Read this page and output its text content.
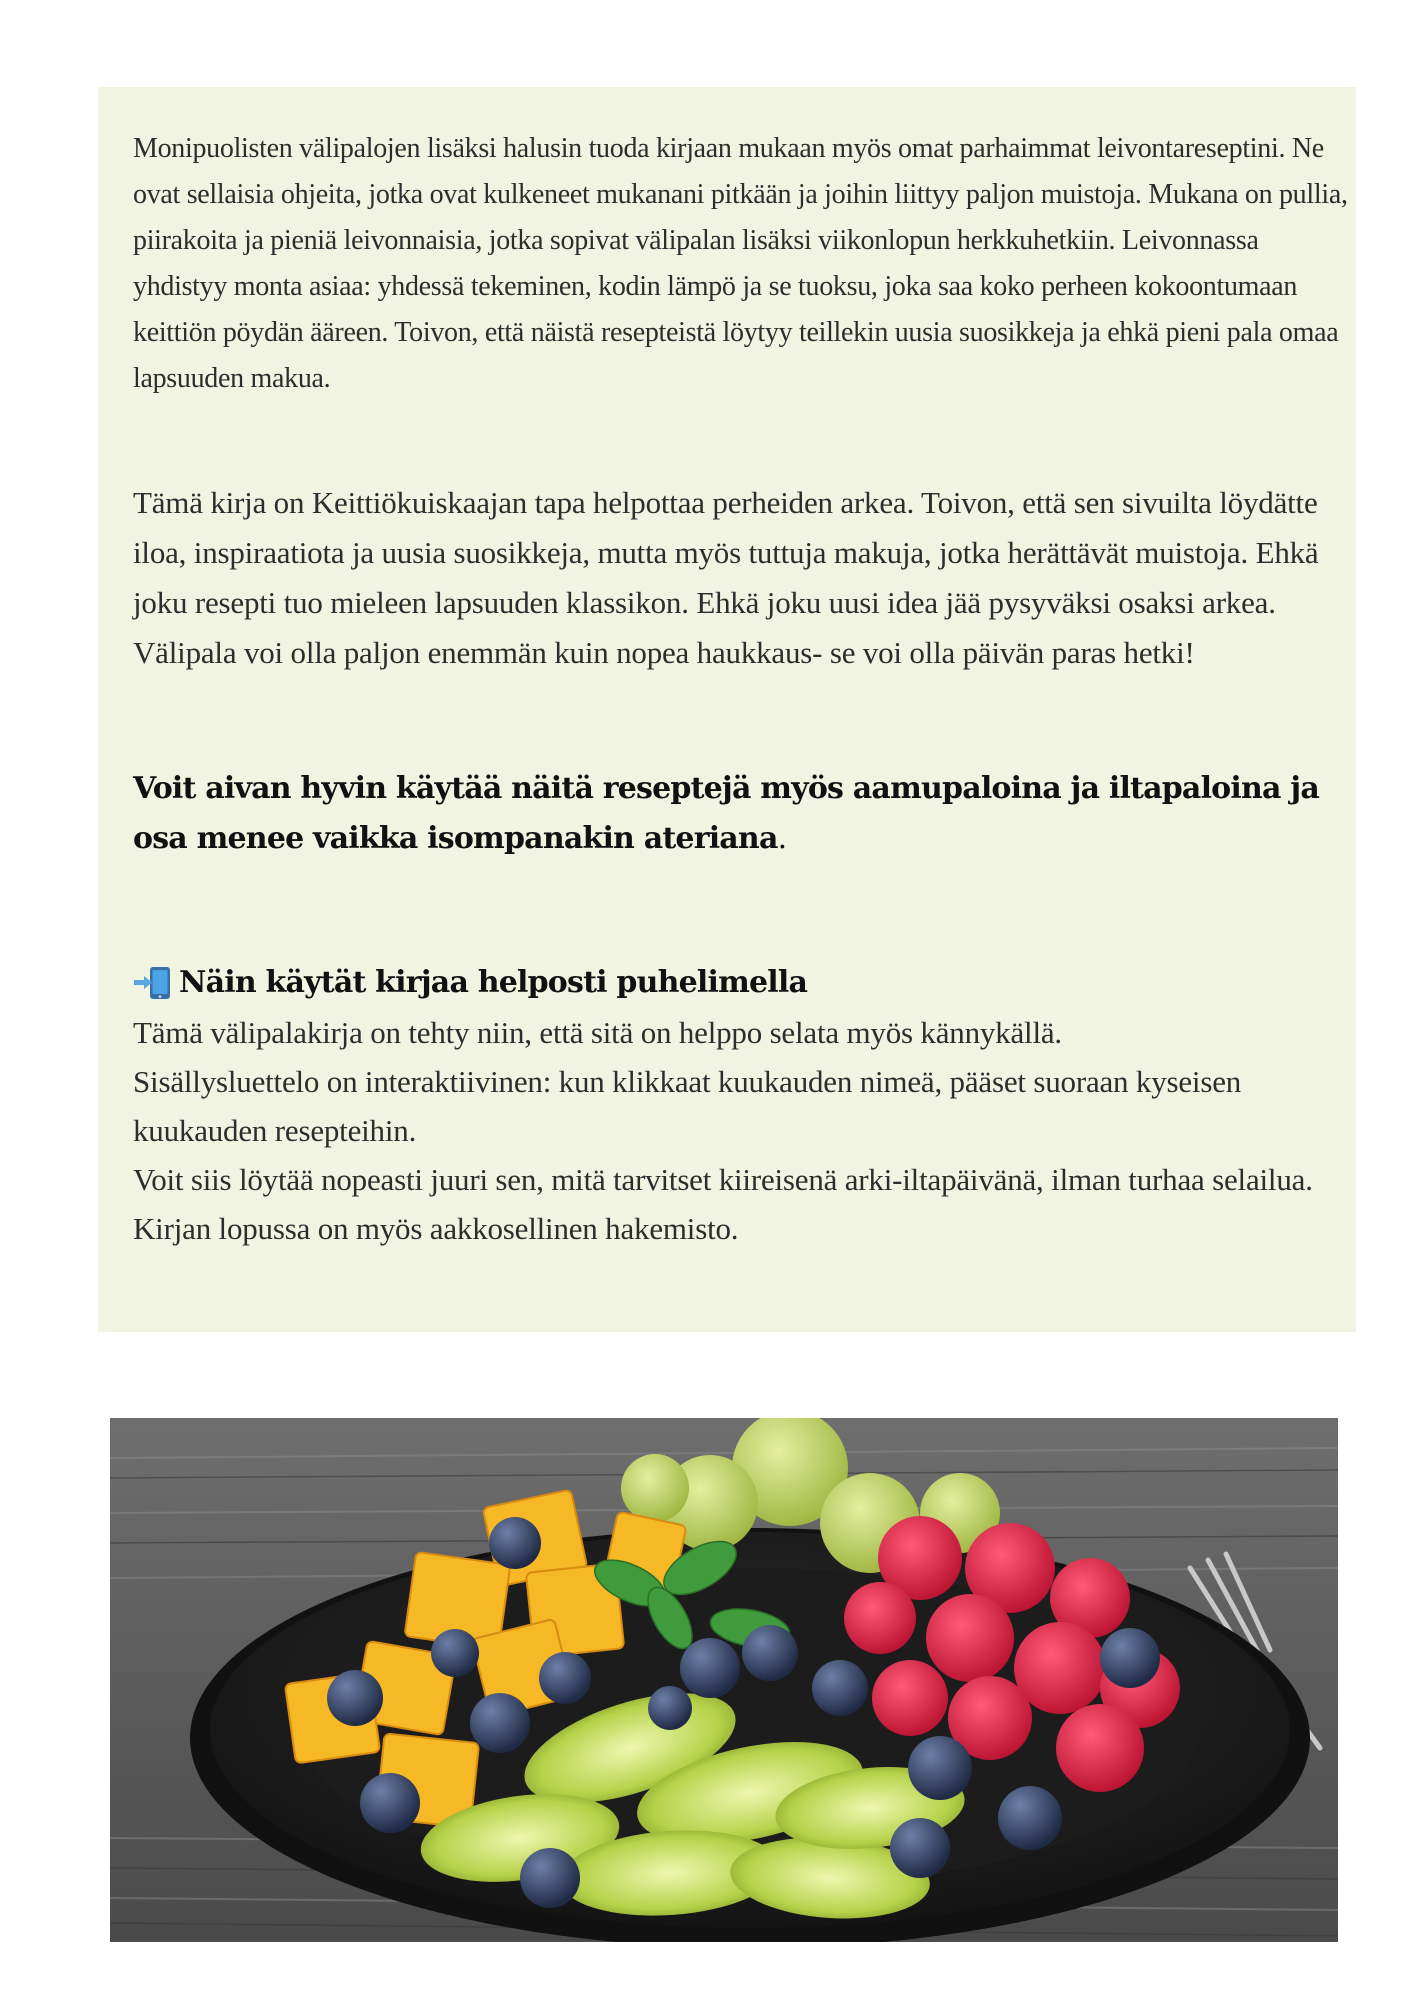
Monipuolisten välipalojen lisäksi halusin tuoda kirjaan mukaan myös omat parhaimmat leivontareseptini. Ne ovat sellaisia ohjeita, jotka ovat kulkeneet mukanani pitkään ja joihin liittyy paljon muistoja. Mukana on pullia, piirakoita ja pieniä leivonnaisia, jotka sopivat välipalan lisäksi viikonlopun herkkuhetkiin. Leivonnassa yhdistyy monta asiaa: yhdessä tekeminen, kodin lämpö ja se tuoksu, joka saa koko perheen kokoontumaan keittiön pöydän ääreen. Toivon, että näistä resepteistä löytyy teillekin uusia suosikkeja ja ehkä pieni pala omaa lapsuuden makua.

Tämä kirja on Keittiökuiskaajan tapa helpottaa perheiden arkea. Toivon, että sen sivuilta löydätte iloa, inspiraatiota ja uusia suosikkeja, mutta myös tuttuja makuja, jotka herättävät muistoja. Ehkä joku resepti tuo mieleen lapsuuden klassikon. Ehkä joku uusi idea jää pysyväksi osaksi arkea. Välipala voi olla paljon enemmän kuin nopea haukkaus- se voi olla päivän paras hetki!

Voit aivan hyvin käytää näitä reseptejä myös aamupaloina ja iltapaloina ja osa menee vaikka isompanakin ateriana.

Näin käytät kirjaa helposti puhelimella
Tämä välipalakirja on tehty niin, että sitä on helppo selata myös kännykällä.
Sisällysluettelo on interaktiivinen: kun klikkaat kuukauden nimeä, pääset suoraan kyseisen kuukauden resepteihin.
Voit siis löytää nopeasti juuri sen, mitä tarvitset kiireisenä arki-iltapäivänä, ilman turhaa selailua. Kirjan lopussa on myös aakkosellinen hakemisto.
